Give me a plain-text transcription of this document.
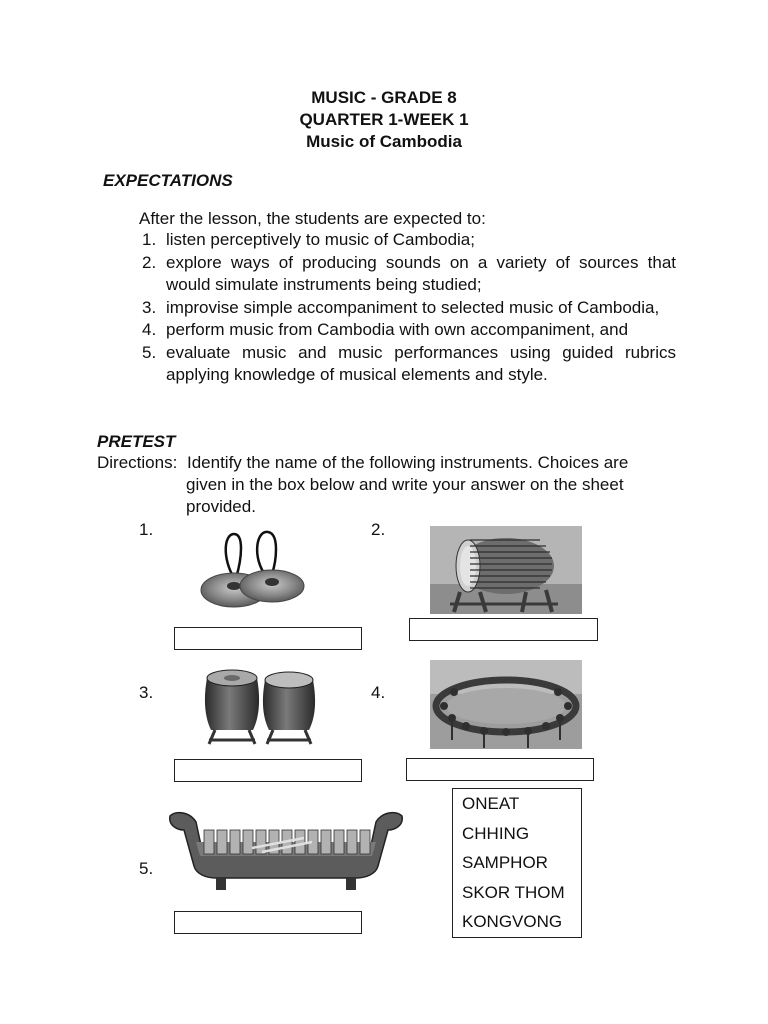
MUSIC - GRADE 8
QUARTER 1-WEEK 1
Music of Cambodia
EXPECTATIONS
After the lesson, the students are expected to:
1. listen perceptively to music of Cambodia;
2. explore ways of producing sounds on a variety of sources that would simulate instruments being studied;
3. improvise simple accompaniment to selected music of Cambodia,
4. perform music from Cambodia with own accompaniment, and
5. evaluate music and music performances using guided rubrics applying knowledge of musical elements and style.
PRETEST
Directions: Identify the name of the following instruments. Choices are
given in the box below and write your answer on the sheet
provided.
1.	2.
3.	4.
5.
ONEAT
CHHING
SAMPHOR
SKOR THOM
KONGVONG
